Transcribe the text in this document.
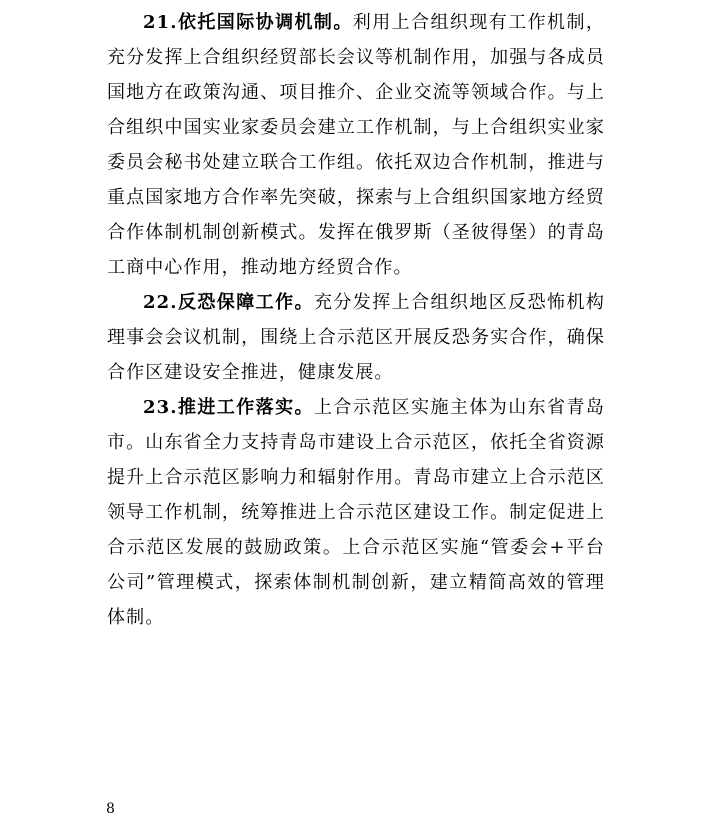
21.依托国际协调机制。利用上合组织现有工作机制，充分发挥上合组织经贸部长会议等机制作用，加强与各成员国地方在政策沟通、项目推介、企业交流等领域合作。与上合组织中国实业家委员会建立工作机制，与上合组织实业家委员会秘书处建立联合工作组。依托双边合作机制，推进与重点国家地方合作率先突破，探索与上合组织国家地方经贸合作体制机制创新模式。发挥在俄罗斯（圣彼得堡）的青岛工商中心作用，推动地方经贸合作。

22.反恐保障工作。充分发挥上合组织地区反恐怖机构理事会会议机制，围绕上合示范区开展反恐务实合作，确保合作区建设安全推进，健康发展。

23.推进工作落实。上合示范区实施主体为山东省青岛市。山东省全力支持青岛市建设上合示范区，依托全省资源提升上合示范区影响力和辐射作用。青岛市建立上合示范区领导工作机制，统筹推进上合示范区建设工作。制定促进上合示范区发展的鼓励政策。上合示范区实施“管委会+平台公司”管理模式，探索体制机制创新，建立精简高效的管理体制。

8
